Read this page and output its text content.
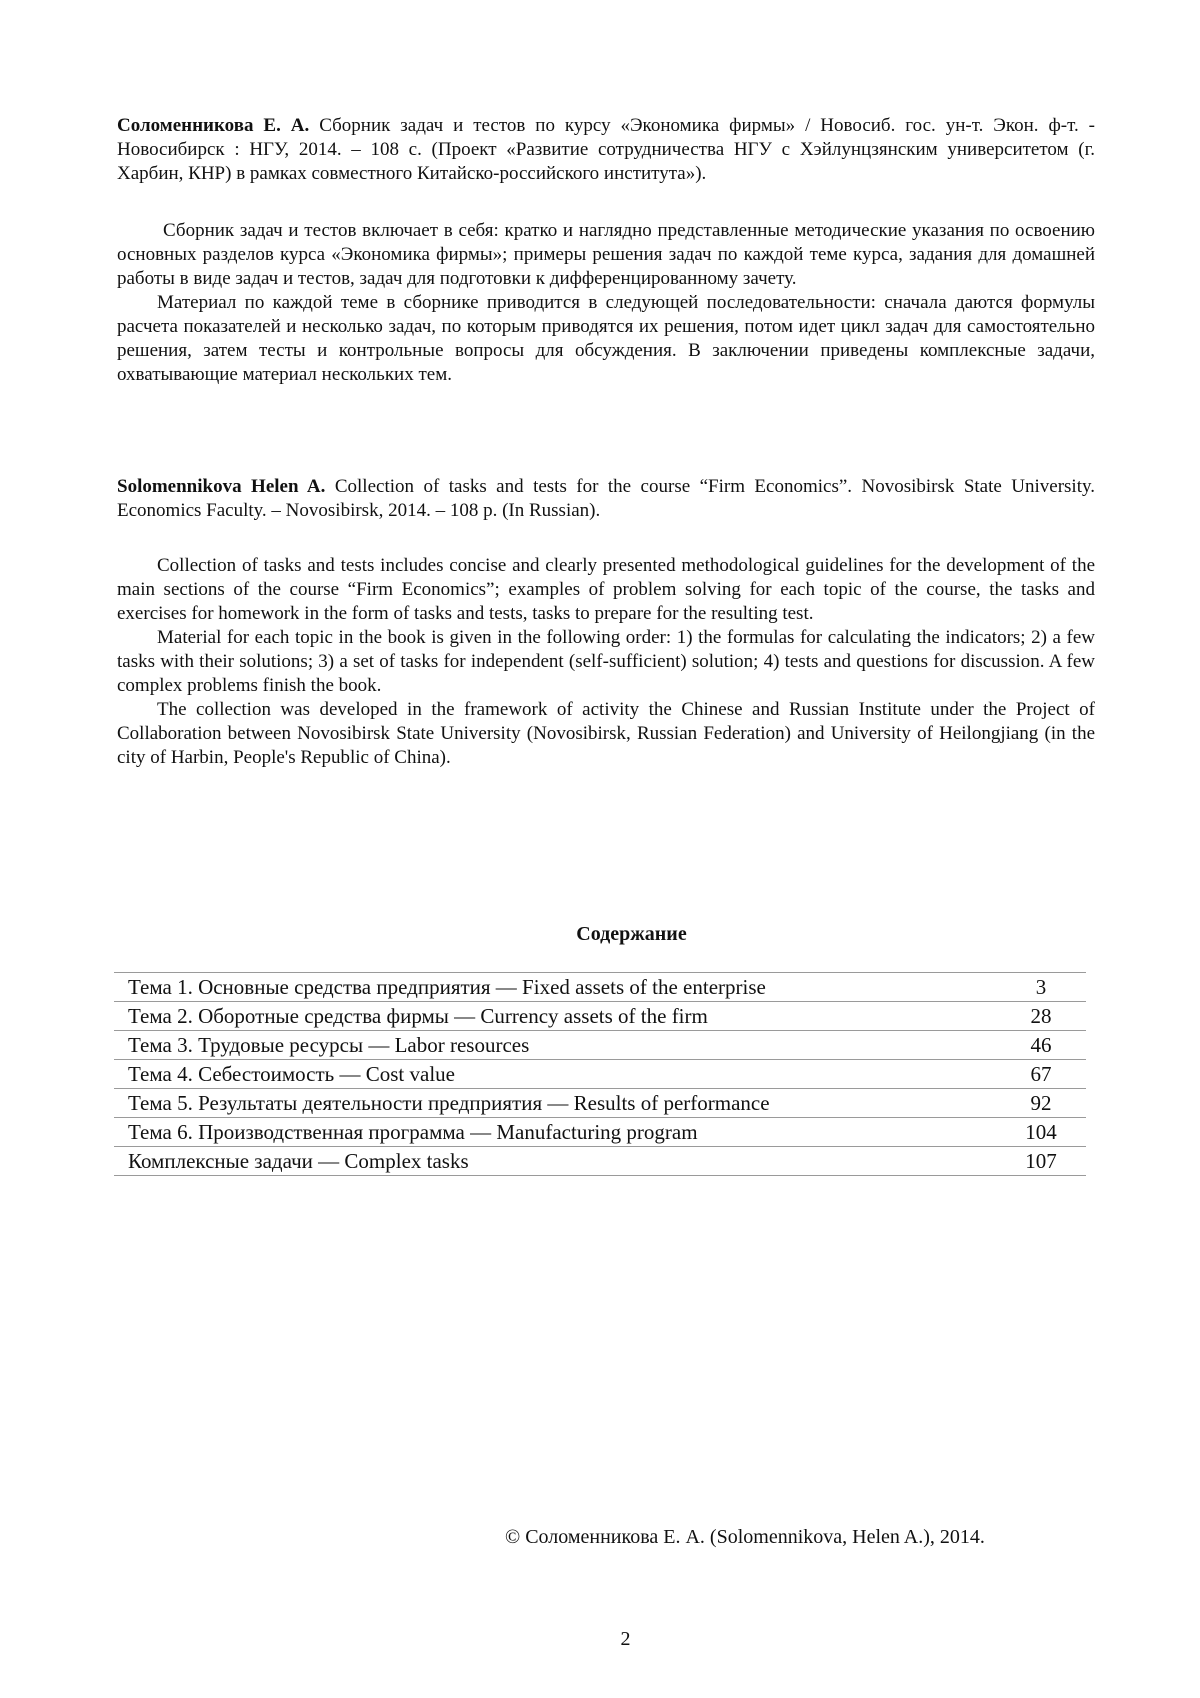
Соломенникова Е. А. Сборник задач и тестов по курсу «Экономика фирмы» / Новосиб. гос. ун-т. Экон. ф-т. - Новосибирск : НГУ, 2014. – 108 с. (Проект «Развитие сотрудничества НГУ с Хэйлунцзянским университетом (г. Харбин, КНР) в рамках совместного Китайско-российского института»).

Сборник задач и тестов включает в себя: кратко и наглядно представленные методические указания по освоению основных разделов курса «Экономика фирмы»; примеры решения задач по каждой теме курса, задания для домашней работы в виде задач и тестов, задач для подготовки к дифференцированному зачету.

Материал по каждой теме в сборнике приводится в следующей последовательности: сначала даются формулы расчета показателей и несколько задач, по которым приводятся их решения, потом идет цикл задач для самостоятельно решения, затем тесты и контрольные вопросы для обсуждения. В заключении приведены комплексные задачи, охватывающие материал нескольких тем.

Solomennikova Helen A. Collection of tasks and tests for the course “Firm Economics”. Novosibirsk State University. Economics Faculty. – Novosibirsk, 2014. – 108 p. (In Russian).

Collection of tasks and tests includes concise and clearly presented methodological guidelines for the development of the main sections of the course “Firm Economics”; examples of problem solving for each topic of the course, the tasks and exercises for homework in the form of tasks and tests, tasks to prepare for the resulting test.

Material for each topic in the book is given in the following order: 1) the formulas for calculating the indicators; 2) a few tasks with their solutions; 3) a set of tasks for independent (self-sufficient) solution; 4) tests and questions for discussion. A few complex problems finish the book.

The collection was developed in the framework of activity the Chinese and Russian Institute under the Project of Collaboration between Novosibirsk State University (Novosibirsk, Russian Federation) and University of Heilongjiang (in the city of Harbin, People's Republic of China).

Содержание
Тема 1. Основные средства предприятия — Fixed assets of the enterprise	3
Тема 2. Оборотные средства фирмы — Currency assets of the firm	28
Тема 3. Трудовые ресурсы — Labor resources	46
Тема 4. Себестоимость — Cost value	67
Тема 5. Результаты деятельности предприятия — Results of performance	92
Тема 6. Производственная программа — Manufacturing program	104
Комплексные задачи — Complex tasks	107
© Соломенникова Е. А. (Solomennikova, Helen A.), 2014.
2
